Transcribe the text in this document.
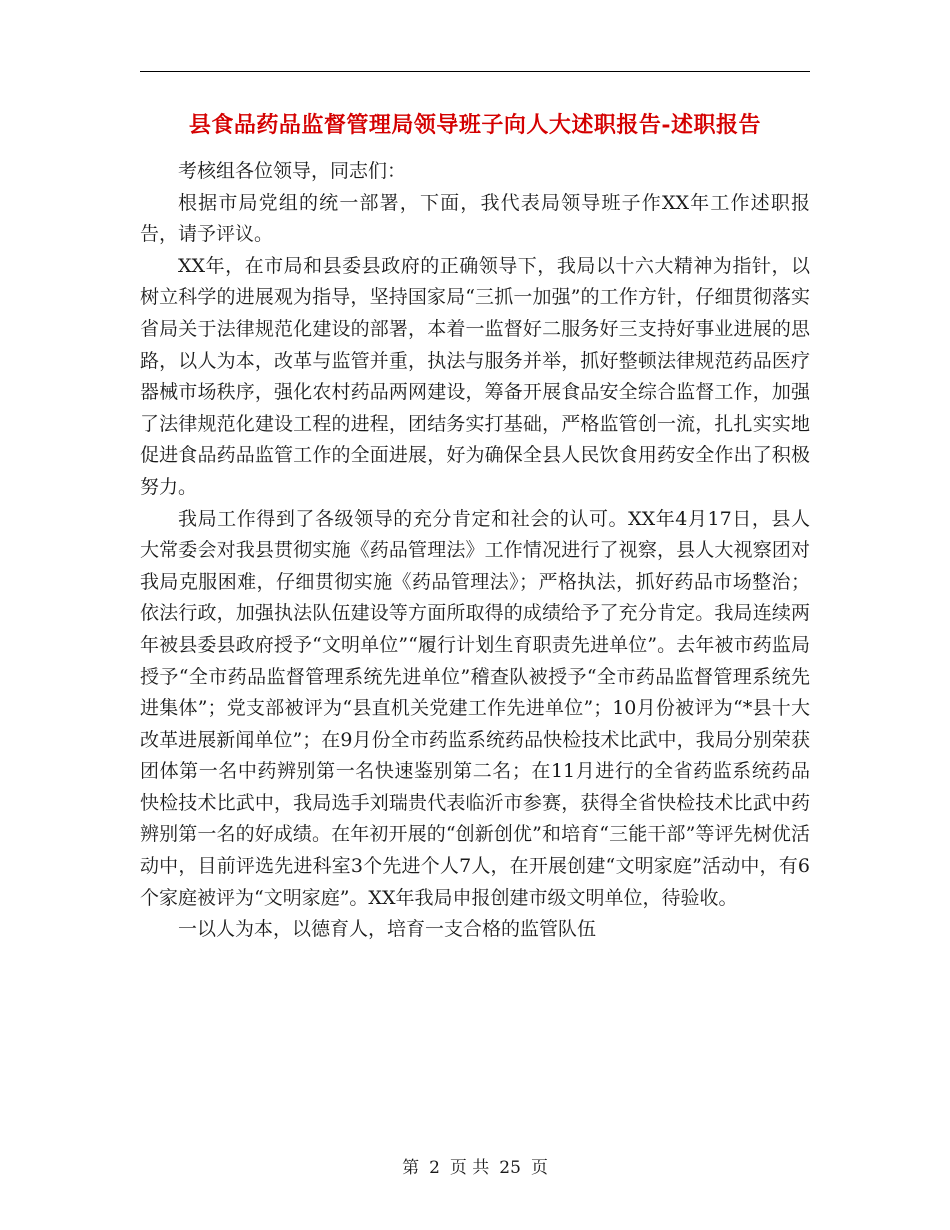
县食品药品监督管理局领导班子向人大述职报告-述职报告

考核组各位领导，同志们：

根据市局党组的统一部署，下面，我代表局领导班子作XX年工作述职报告，请予评议。

XX年，在市局和县委县政府的正确领导下，我局以十六大精神为指针，以树立科学的进展观为指导，坚持国家局“三抓一加强”的工作方针，仔细贯彻落实省局关于法律规范化建设的部署，本着一监督好二服务好三支持好事业进展的思路，以人为本，改革与监管并重，执法与服务并举，抓好整顿法律规范药品医疗器械市场秩序，强化农村药品两网建设，筹备开展食品安全综合监督工作，加强了法律规范化建设工程的进程，团结务实打基础，严格监管创一流，扎扎实实地促进食品药品监管工作的全面进展，好为确保全县人民饮食用药安全作出了积极努力。

我局工作得到了各级领导的充分肯定和社会的认可。XX年4月17日，县人大常委会对我县贯彻实施《药品管理法》工作情况进行了视察，县人大视察团对我局克服困难，仔细贯彻实施《药品管理法》；严格执法，抓好药品市场整治；依法行政，加强执法队伍建设等方面所取得的成绩给予了充分肯定。我局连续两年被县委县政府授予“文明单位”“履行计划生育职责先进单位”。去年被市药监局授予“全市药品监督管理系统先进单位”稽查队被授予“全市药品监督管理系统先进集体”；党支部被评为“县直机关党建工作先进单位”；10月份被评为“*县十大改革进展新闻单位”；在9月份全市药监系统药品快检技术比武中，我局分别荣获团体第一名中药辨别第一名快速鉴别第二名；在11月进行的全省药监系统药品快检技术比武中，我局选手刘瑞贵代表临沂市参赛，获得全省快检技术比武中药辨别第一名的好成绩。在年初开展的“创新创优”和培育“三能干部”等评先树优活动中，目前评选先进科室3个先进个人7人，在开展创建“文明家庭”活动中，有6个家庭被评为“文明家庭”。XX年我局申报创建市级文明单位，待验收。

一以人为本，以德育人，培育一支合格的监管队伍

第 2 页 共 25 页
